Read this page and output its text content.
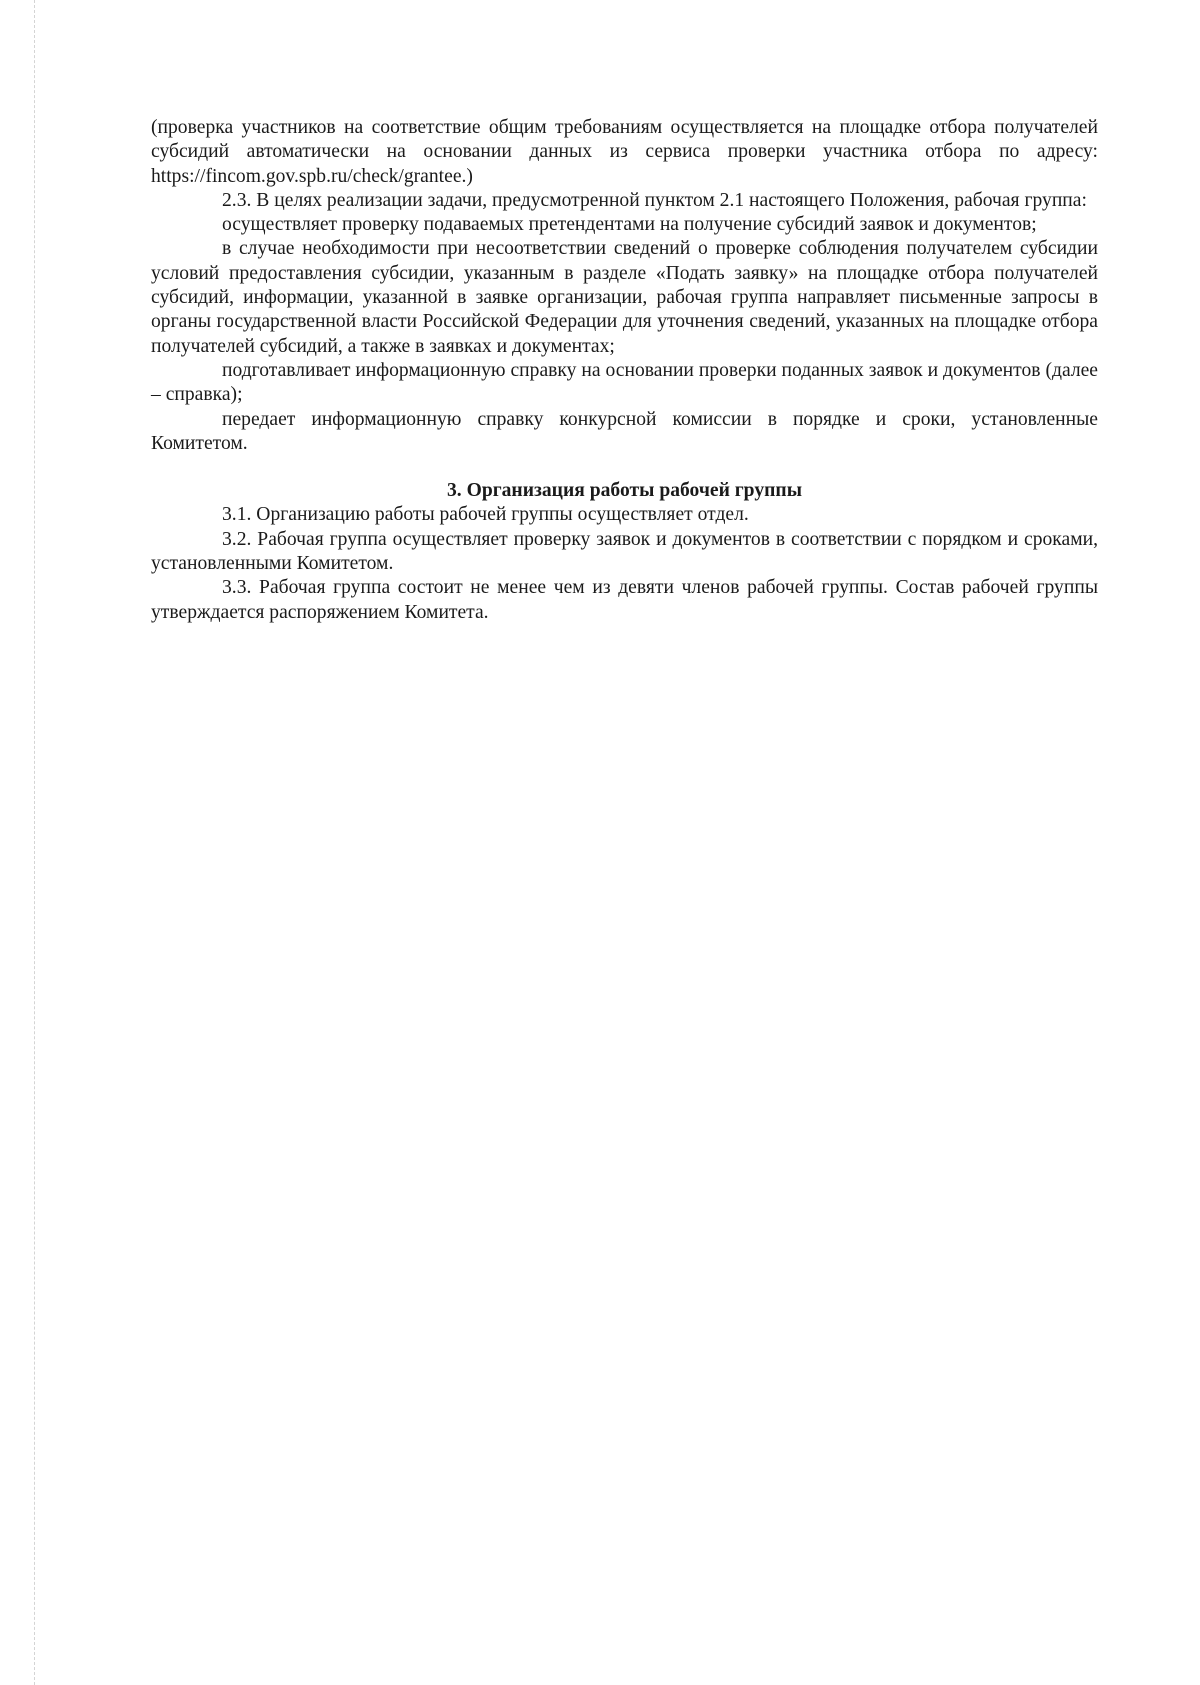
(проверка участников на соответствие общим требованиям осуществляется на площадке отбора получателей субсидий автоматически на основании данных из сервиса проверки участника отбора по адресу: https://fincom.gov.spb.ru/check/grantee.)

2.3. В целях реализации задачи, предусмотренной пунктом 2.1 настоящего Положения, рабочая группа:

осуществляет проверку подаваемых претендентами на получение субсидий заявок и документов;

в случае необходимости при несоответствии сведений о проверке соблюдения получателем субсидии условий предоставления субсидии, указанным в разделе «Подать заявку» на площадке отбора получателей субсидий, информации, указанной в заявке организации, рабочая группа направляет письменные запросы в органы государственной власти Российской Федерации для уточнения сведений, указанных на площадке отбора получателей субсидий, а также в заявках и документах;

подготавливает информационную справку на основании проверки поданных заявок и документов (далее – справка);

передает информационную справку конкурсной комиссии в порядке и сроки, установленные Комитетом.

3. Организация работы рабочей группы

3.1. Организацию работы рабочей группы осуществляет отдел.

3.2. Рабочая группа осуществляет проверку заявок и документов в соответствии с порядком и сроками, установленными Комитетом.

3.3. Рабочая группа состоит не менее чем из девяти членов рабочей группы. Состав рабочей группы утверждается распоряжением Комитета.
